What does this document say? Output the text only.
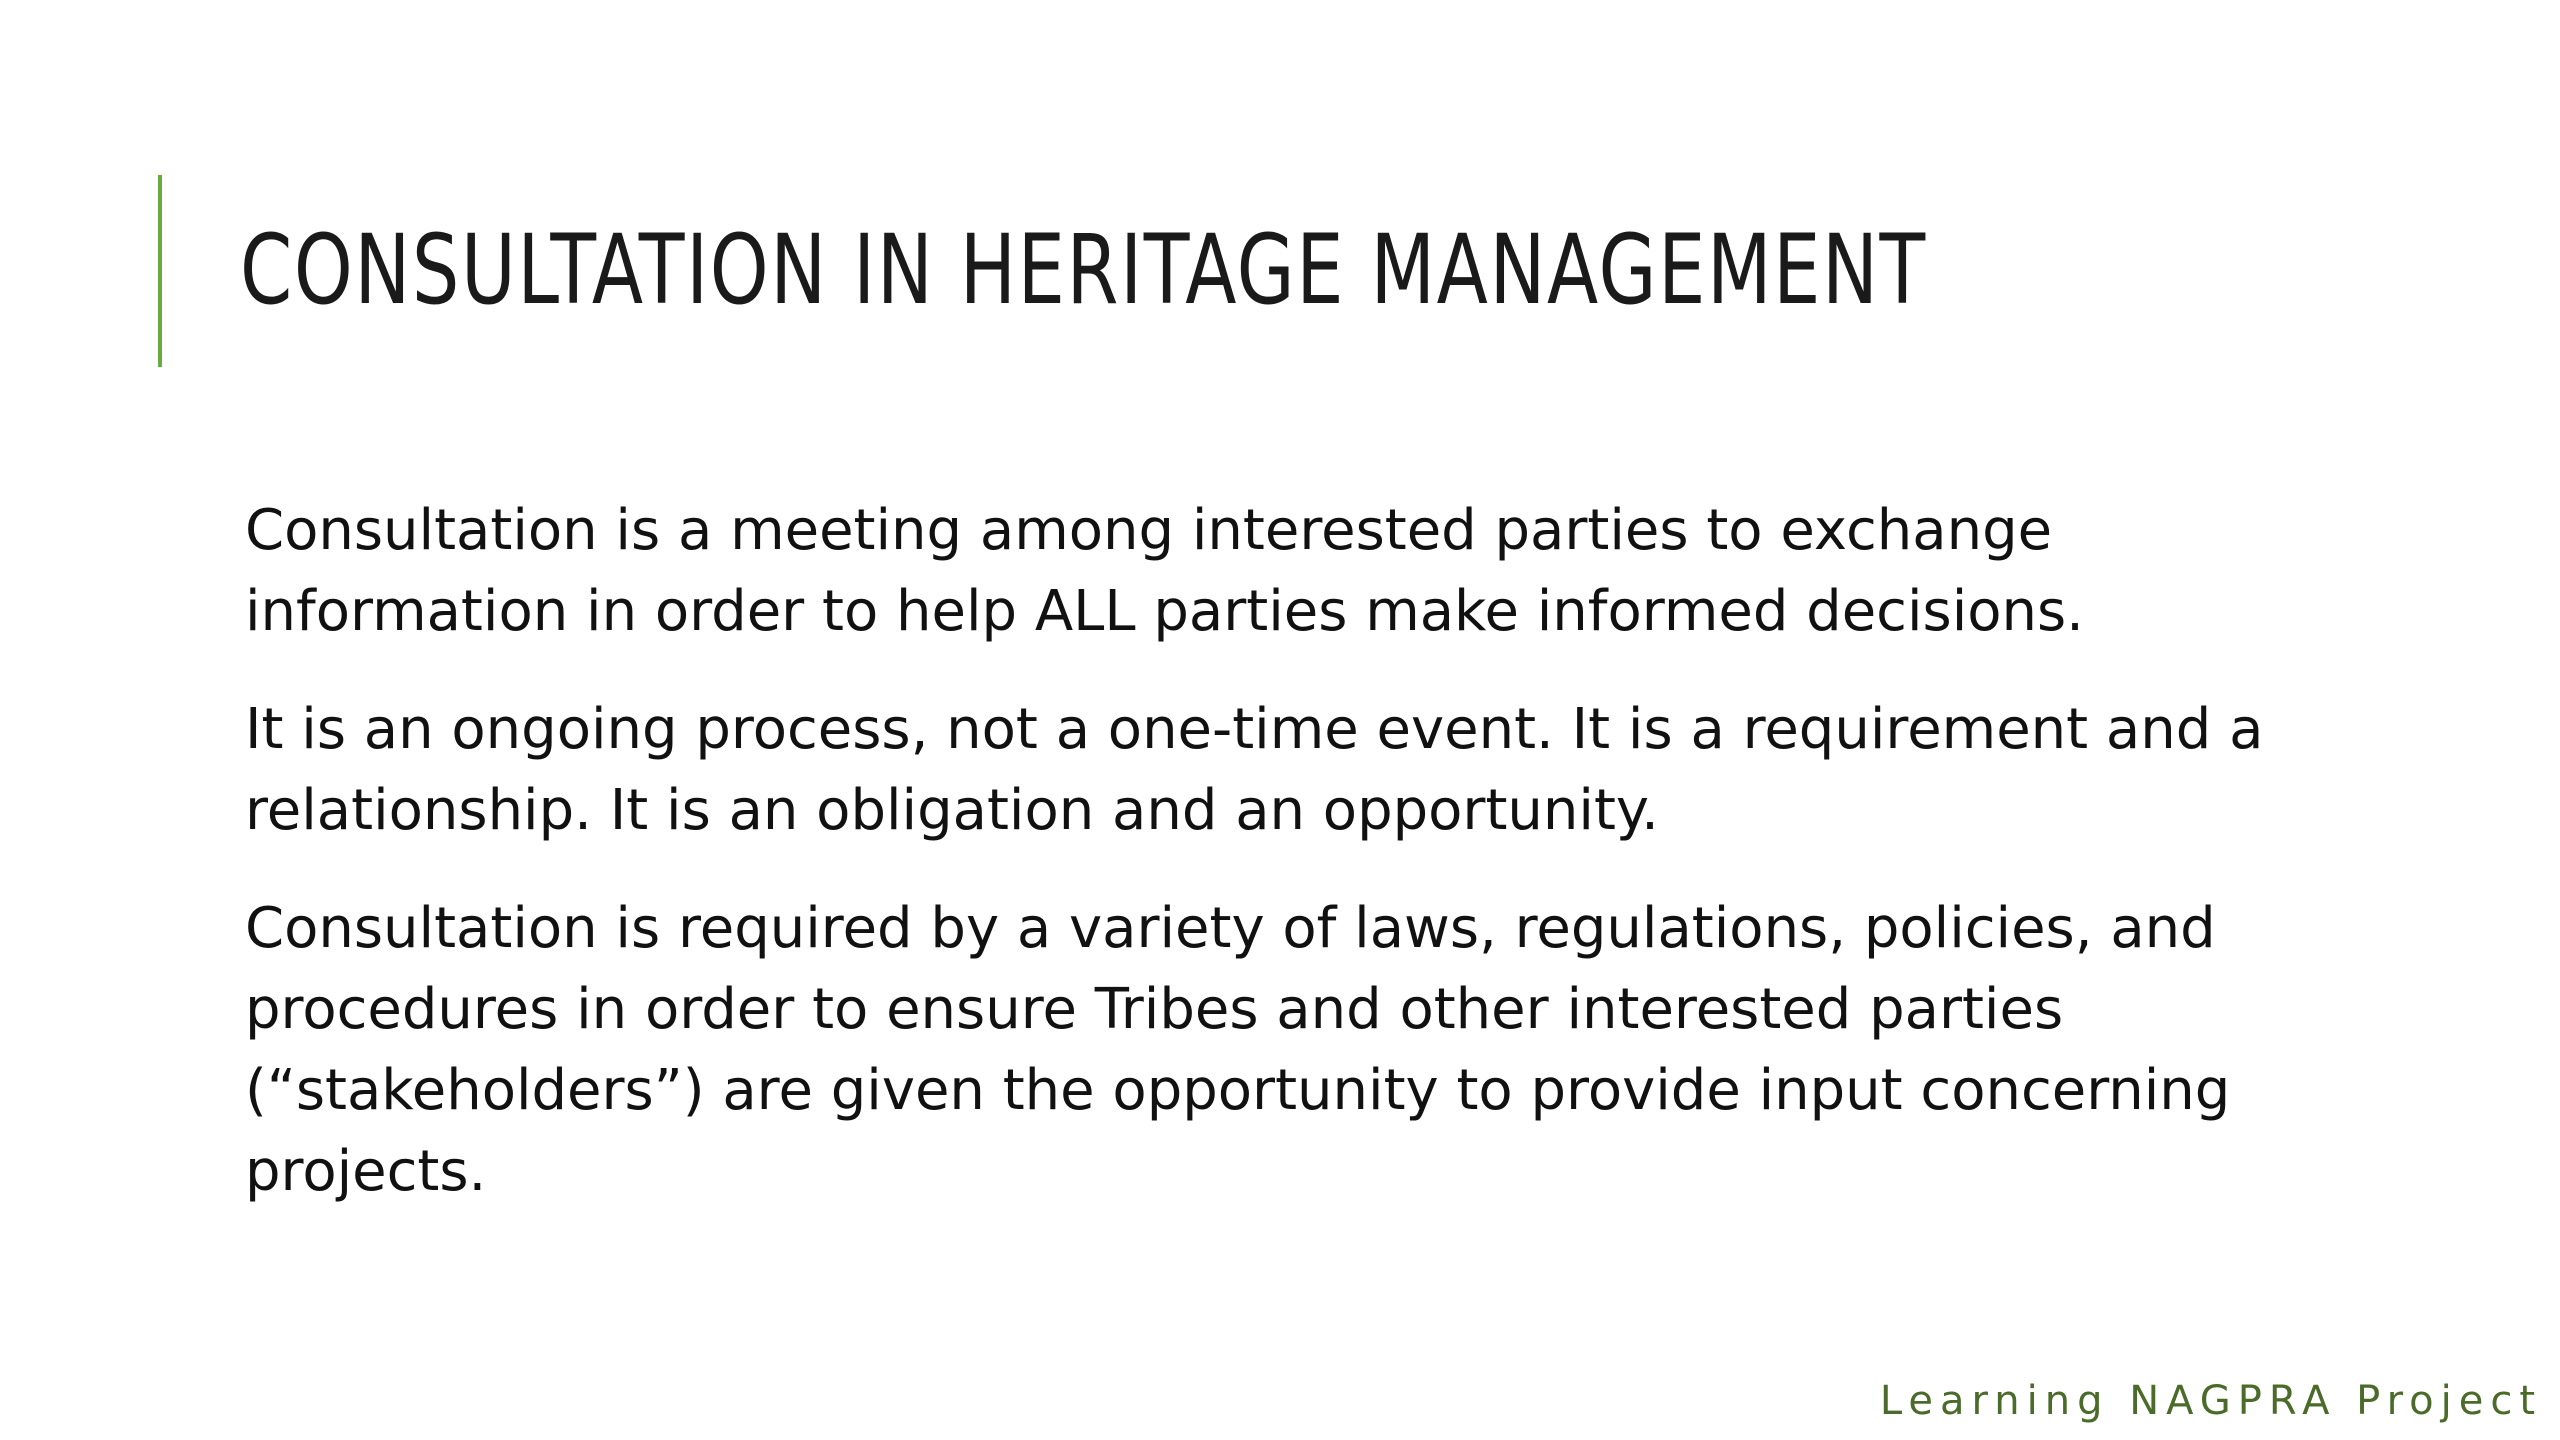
CONSULTATION IN HERITAGE MANAGEMENT

Consultation is a meeting among interested parties to exchange information in order to help ALL parties make informed decisions.

It is an ongoing process, not a one-time event. It is a requirement and a relationship. It is an obligation and an opportunity.

Consultation is required by a variety of laws, regulations, policies, and procedures in order to ensure Tribes and other interested parties (“stakeholders”) are given the opportunity to provide input concerning projects.

Learning NAGPRA Project
